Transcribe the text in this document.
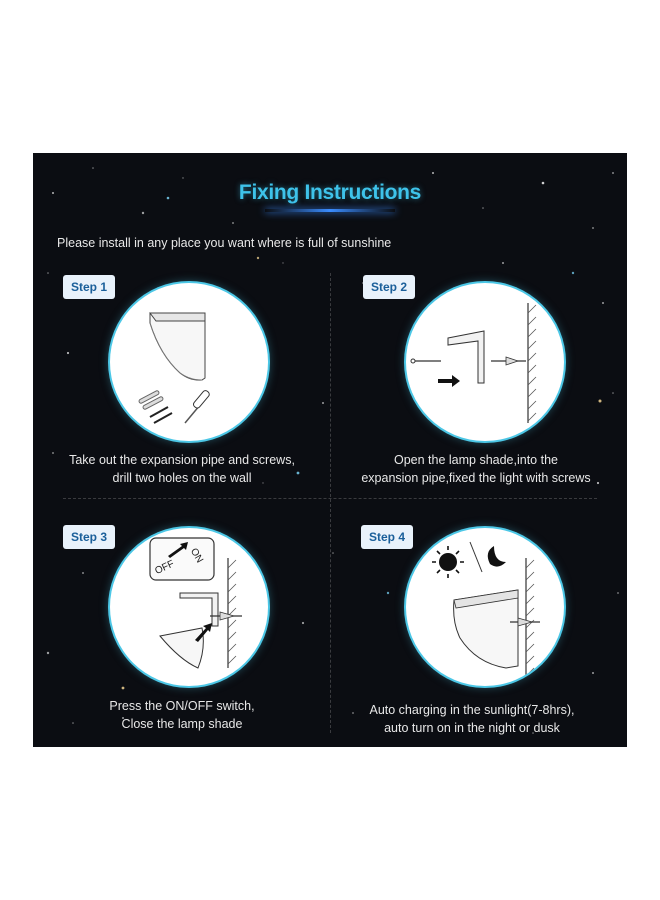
Fixing Instructions
Please install in any place you want where is full of sunshine
Step 1
Take out the expansion pipe and screws,
drill two holes on the wall
Step 2
Open the lamp shade,into the
expansion pipe,fixed the light with screws
Step 3
OFF
ON
Press the ON/OFF switch,
Close the lamp shade
Step 4
Auto charging in the sunlight(7-8hrs),
auto turn on in the night or dusk
